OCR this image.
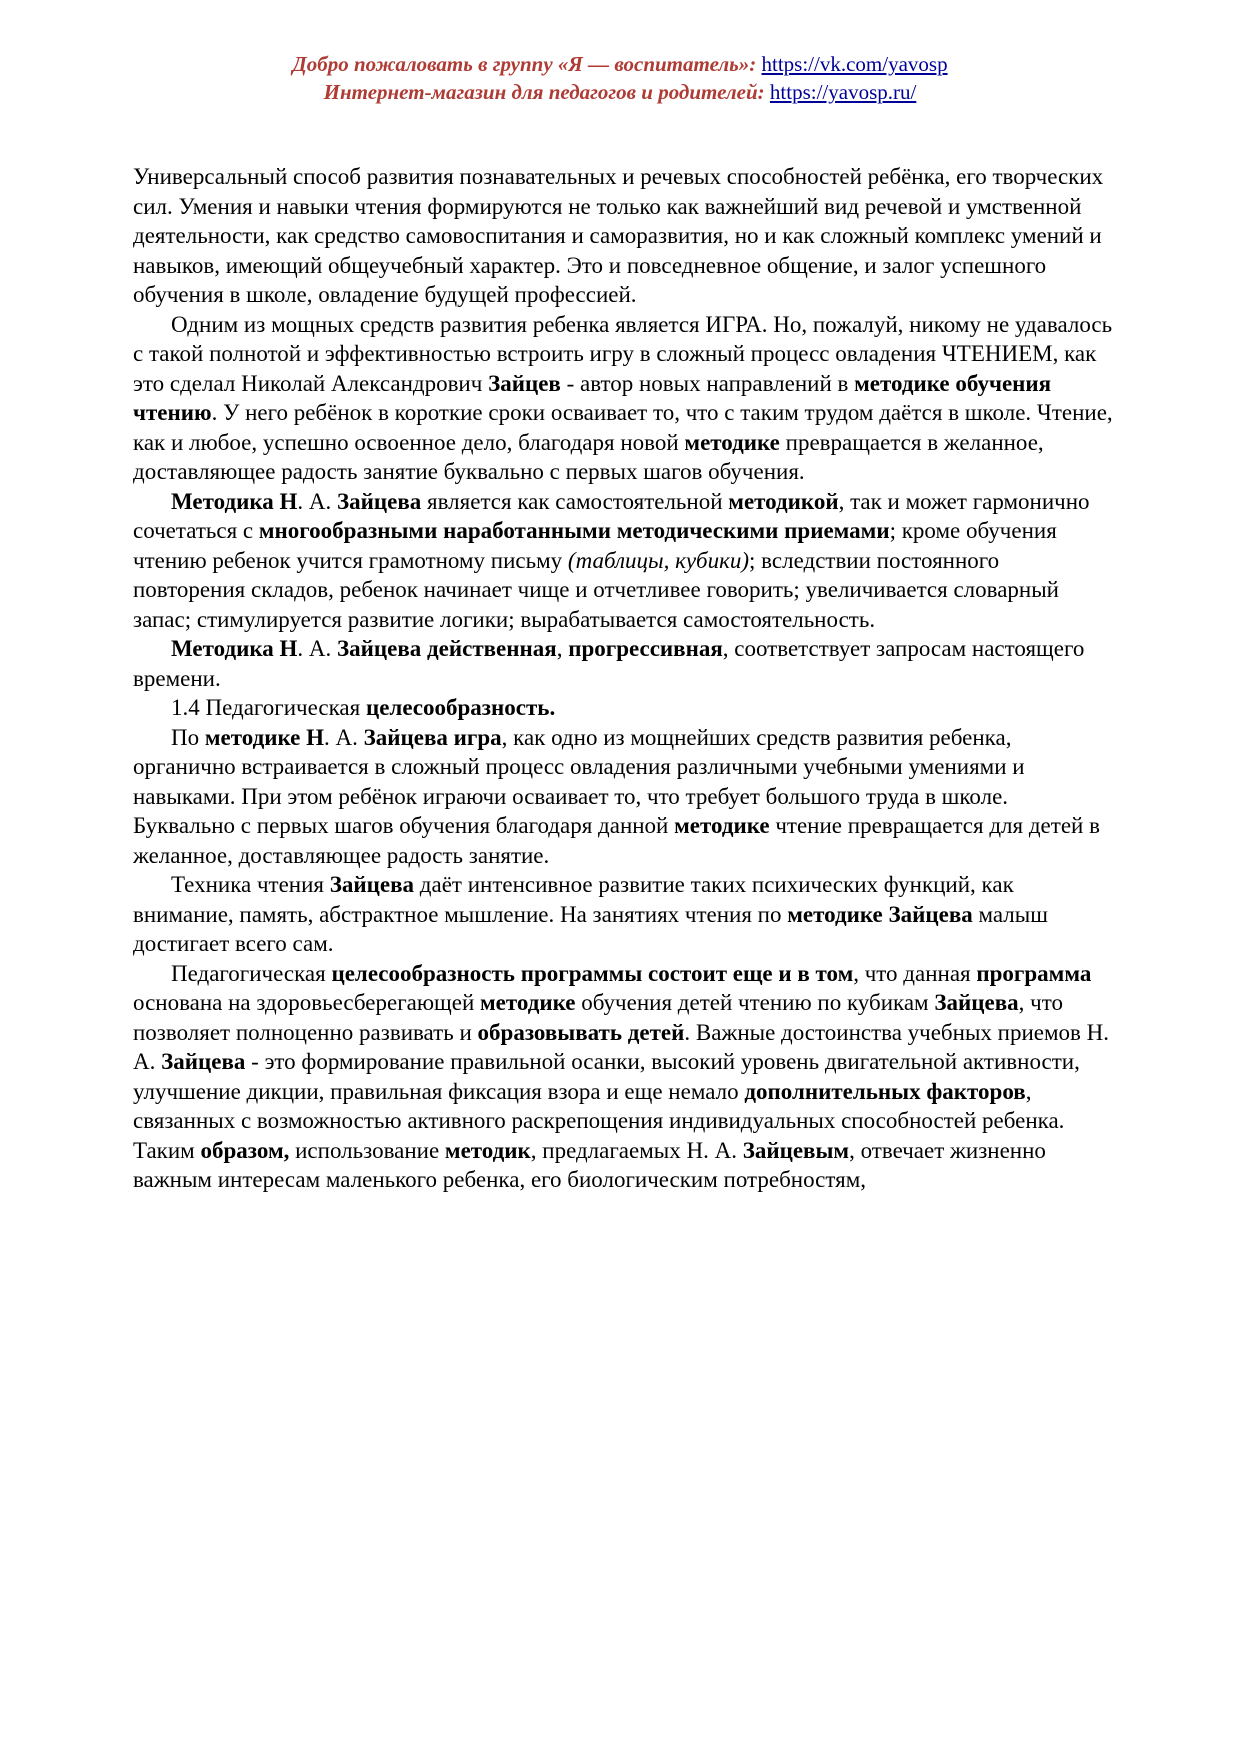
Добро пожаловать в группу «Я — воспитатель»: https://vk.com/yavosp
Интернет-магазин для педагогов и родителей: https://yavosp.ru/

Универсальный способ развития познавательных и речевых способностей ребёнка, его творческих сил. Умения и навыки чтения формируются не только как важнейший вид речевой и умственной деятельности, как средство самовоспитания и саморазвития, но и как сложный комплекс умений и навыков, имеющий общеучебный характер. Это и повседневное общение, и залог успешного обучения в школе, овладение будущей профессией.

Одним из мощных средств развития ребенка является ИГРА. Но, пожалуй, никому не удавалось с такой полнотой и эффективностью встроить игру в сложный процесс овладения ЧТЕНИЕМ, как это сделал Николай Александрович Зайцев - автор новых направлений в методике обучения чтению. У него ребёнок в короткие сроки осваивает то, что с таким трудом даётся в школе. Чтение, как и любое, успешно освоенное дело, благодаря новой методике превращается в желанное, доставляющее радость занятие буквально с первых шагов обучения.

Методика Н. А. Зайцева является как самостоятельной методикой, так и может гармонично сочетаться с многообразными наработанными методическими приемами; кроме обучения чтению ребенок учится грамотному письму (таблицы, кубики); вследствии постоянного повторения складов, ребенок начинает чище и отчетливее говорить; увеличивается словарный запас; стимулируется развитие логики; вырабатывается самостоятельность.

Методика Н. А. Зайцева действенная, прогрессивная, соответствует запросам настоящего времени.

1.4 Педагогическая целесообразность.

По методике Н. А. Зайцева игра, как одно из мощнейших средств развития ребенка, органично встраивается в сложный процесс овладения различными учебными умениями и навыками. При этом ребёнок играючи осваивает то, что требует большого труда в школе. Буквально с первых шагов обучения благодаря данной методике чтение превращается для детей в желанное, доставляющее радость занятие.

Техника чтения Зайцева даёт интенсивное развитие таких психических функций, как внимание, память, абстрактное мышление. На занятиях чтения по методике Зайцева малыш достигает всего сам.

Педагогическая целесообразность программы состоит еще и в том, что данная программа основана на здоровьесберегающей методике обучения детей чтению по кубикам Зайцева, что позволяет полноценно развивать и образовывать детей. Важные достоинства учебных приемов Н. А. Зайцева - это формирование правильной осанки, высокий уровень двигательной активности, улучшение дикции, правильная фиксация взора и еще немало дополнительных факторов, связанных с возможностью активного раскрепощения индивидуальных способностей ребенка. Таким образом, использование методик, предлагаемых Н. А. Зайцевым, отвечает жизненно важным интересам маленького ребенка, его биологическим потребностям,
